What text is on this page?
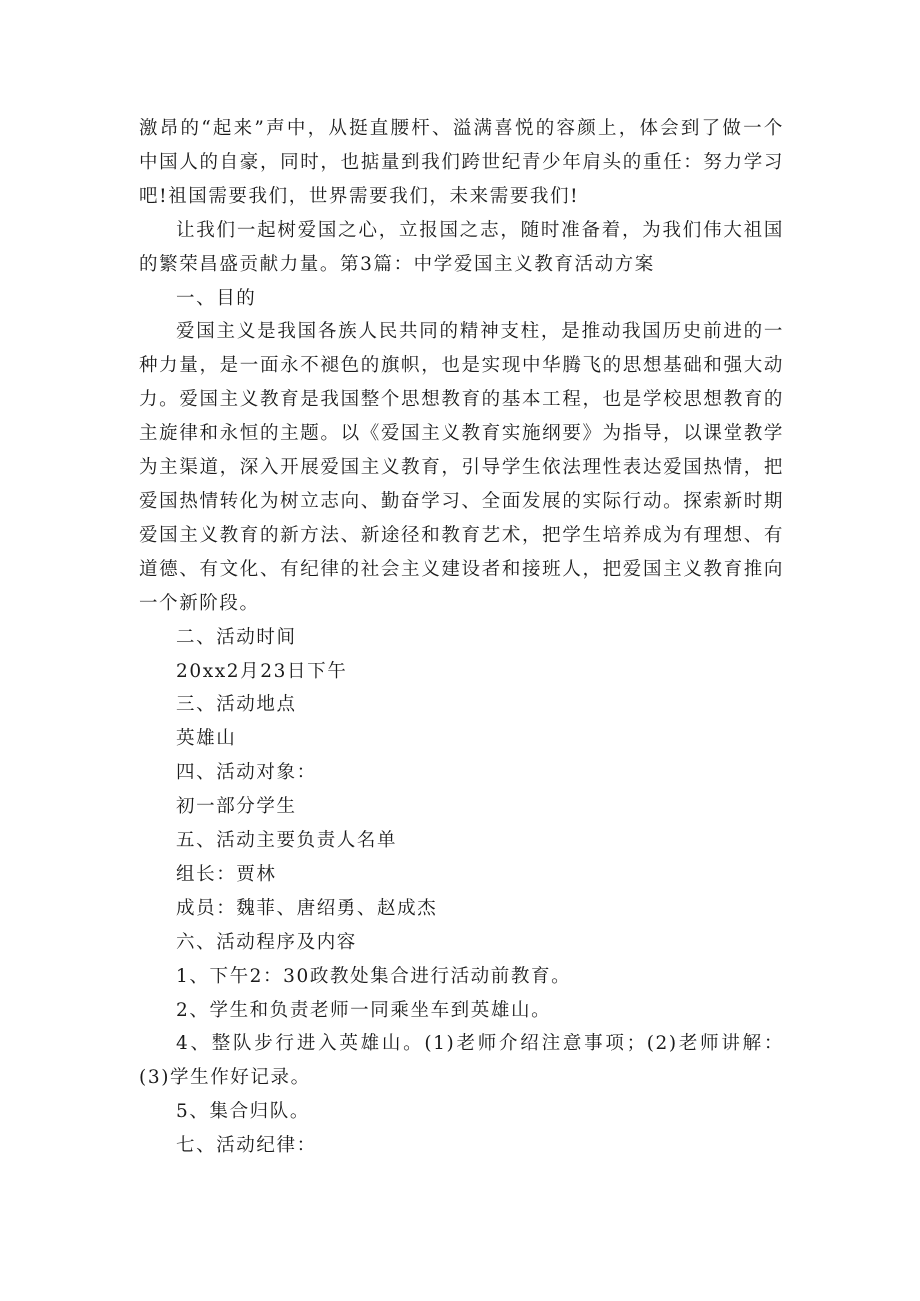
激昂的“起来”声中，从挺直腰杆、溢满喜悦的容颜上，体会到了做一个中国人的自豪，同时，也掂量到我们跨世纪青少年肩头的重任：努力学习吧!祖国需要我们，世界需要我们，未来需要我们!

让我们一起树爱国之心，立报国之志，随时准备着，为我们伟大祖国的繁荣昌盛贡献力量。第3篇：中学爱国主义教育活动方案

一、目的

爱国主义是我国各族人民共同的精神支柱，是推动我国历史前进的一种力量，是一面永不褪色的旗帜，也是实现中华腾飞的思想基础和强大动力。爱国主义教育是我国整个思想教育的基本工程，也是学校思想教育的主旋律和永恒的主题。以《爱国主义教育实施纲要》为指导，以课堂教学为主渠道，深入开展爱国主义教育，引导学生依法理性表达爱国热情，把爱国热情转化为树立志向、勤奋学习、全面发展的实际行动。探索新时期爱国主义教育的新方法、新途径和教育艺术，把学生培养成为有理想、有道德、有文化、有纪律的社会主义建设者和接班人，把爱国主义教育推向一个新阶段。

二、活动时间

20xx2月23日下午

三、活动地点

英雄山

四、活动对象：

初一部分学生

五、活动主要负责人名单

组长：贾林

成员：魏菲、唐绍勇、赵成杰

六、活动程序及内容

1、下午2：30政教处集合进行活动前教育。

2、学生和负责老师一同乘坐车到英雄山。

4、整队步行进入英雄山。(1)老师介绍注意事项；(2)老师讲解：(3)学生作好记录。

5、集合归队。

七、活动纪律：
